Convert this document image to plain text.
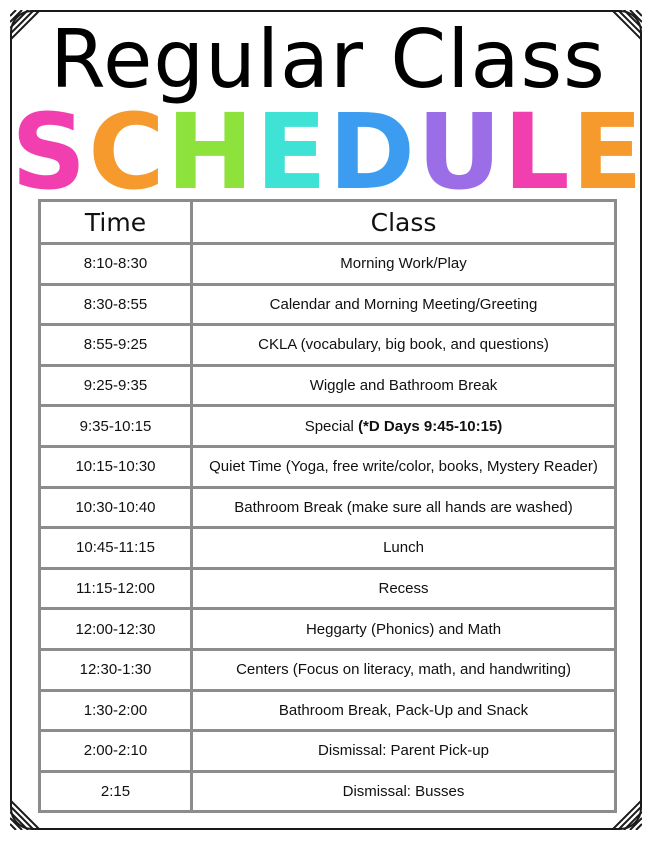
Regular Class
SCHEDULE
Time	Class
8:10-8:30	Morning Work/Play
8:30-8:55	Calendar and Morning Meeting/Greeting
8:55-9:25	CKLA (vocabulary, big book, and questions)
9:25-9:35	Wiggle and Bathroom Break
9:35-10:15	Special (*D Days 9:45-10:15)
10:15-10:30	Quiet Time (Yoga, free write/color, books, Mystery Reader)
10:30-10:40	Bathroom Break (make sure all hands are washed)
10:45-11:15	Lunch
11:15-12:00	Recess
12:00-12:30	Heggarty (Phonics) and Math
12:30-1:30	Centers (Focus on literacy, math, and handwriting)
1:30-2:00	Bathroom Break, Pack-Up and Snack
2:00-2:10	Dismissal: Parent Pick-up
2:15	Dismissal: Busses
